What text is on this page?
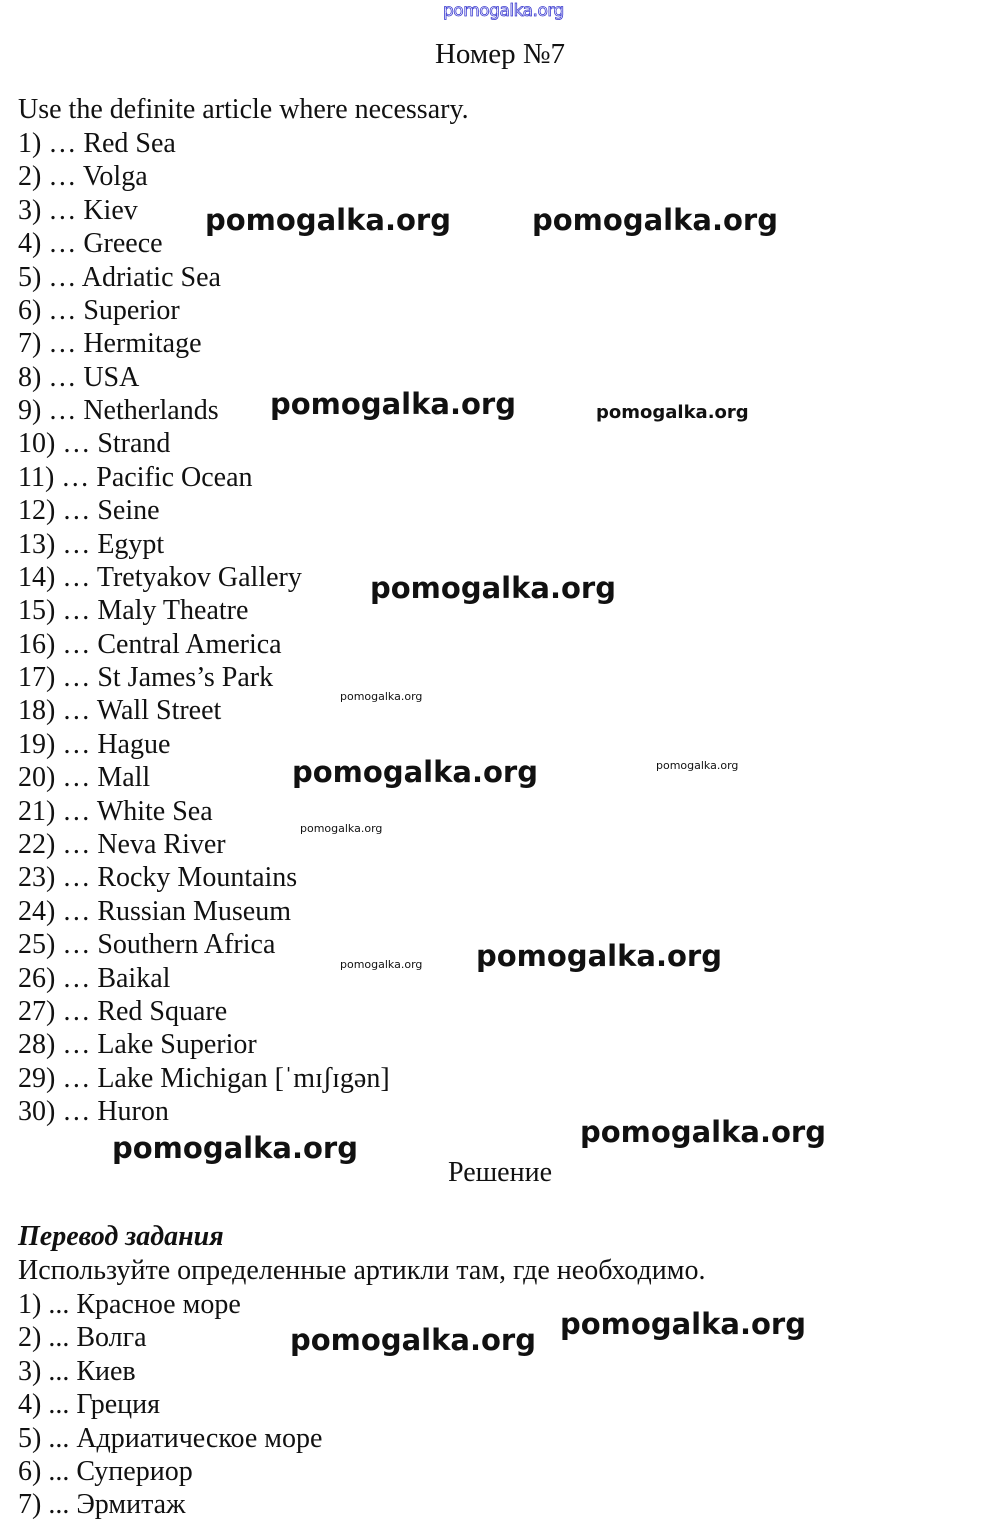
pomogalka.org
Номер №7
Use the definite article where necessary.
1) … Red Sea
2) … Volga
3) … Kiev
4) … Greece
5) … Adriatic Sea
6) … Superior
7) … Hermitage
8) … USA
9) … Netherlands
10) … Strand
11) … Pacific Ocean
12) … Seine
13) … Egypt
14) … Tretyakov Gallery
15) … Maly Theatre
16) … Central America
17) … St James’s Park
18) … Wall Street
19) … Hague
20) … Mall
21) … White Sea
22) … Neva River
23) … Rocky Mountains
24) … Russian Museum
25) … Southern Africa
26) … Baikal
27) … Red Square
28) … Lake Superior
29) … Lake Michigan [ˈmɪʃɪgən]
30) … Huron
Решение
Перевод задания
Используйте определенные артикли там, где необходимо.
1) ... Красное море
2) ... Волга
3) ... Киев
4) ... Греция
5) ... Адриатическое море
6) ... Супериор
7) ... Эрмитаж
pomogalka.org	pomogalka.org
pomogalka.org	pomogalka.org
pomogalka.org
pomogalka.org
pomogalka.org	pomogalka.org
pomogalka.org
pomogalka.org
pomogalka.org
pomogalka.org	pomogalka.org
pomogalka.org pomogalka.org
